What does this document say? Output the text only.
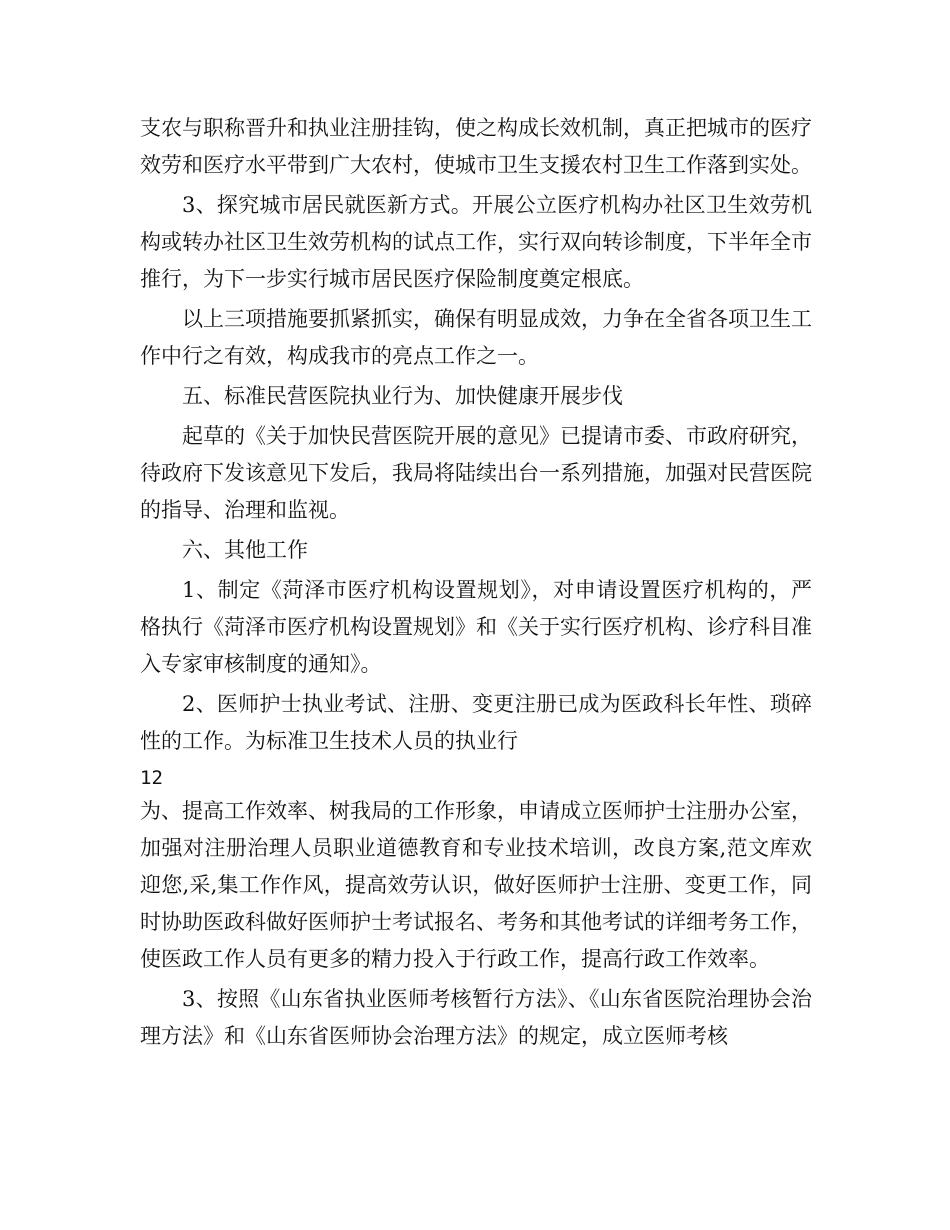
支农与职称晋升和执业注册挂钩，使之构成长效机制，真正把城市的医疗效劳和医疗水平带到广大农村，使城市卫生支援农村卫生工作落到实处。

3、探究城市居民就医新方式。开展公立医疗机构办社区卫生效劳机构或转办社区卫生效劳机构的试点工作，实行双向转诊制度，下半年全市推行，为下一步实行城市居民医疗保险制度奠定根底。

以上三项措施要抓紧抓实，确保有明显成效，力争在全省各项卫生工作中行之有效，构成我市的亮点工作之一。

五、标准民营医院执业行为、加快健康开展步伐

起草的《关于加快民营医院开展的意见》已提请市委、市政府研究，待政府下发该意见下发后，我局将陆续出台一系列措施，加强对民营医院的指导、治理和监视。

六、其他工作

1、制定《菏泽市医疗机构设置规划》，对申请设置医疗机构的，严格执行《菏泽市医疗机构设置规划》和《关于实行医疗机构、诊疗科目准入专家审核制度的通知》。

2、医师护士执业考试、注册、变更注册已成为医政科长年性、琐碎性的工作。为标准卫生技术人员的执业行

12

为、提高工作效率、树我局的工作形象，申请成立医师护士注册办公室，加强对注册治理人员职业道德教育和专业技术培训，改良方案,范文库欢迎您,采,集工作作风，提高效劳认识，做好医师护士注册、变更工作，同时协助医政科做好医师护士考试报名、考务和其他考试的详细考务工作，使医政工作人员有更多的精力投入于行政工作，提高行政工作效率。

3、按照《山东省执业医师考核暂行方法》、《山东省医院治理协会治理方法》和《山东省医师协会治理方法》的规定，成立医师考核
